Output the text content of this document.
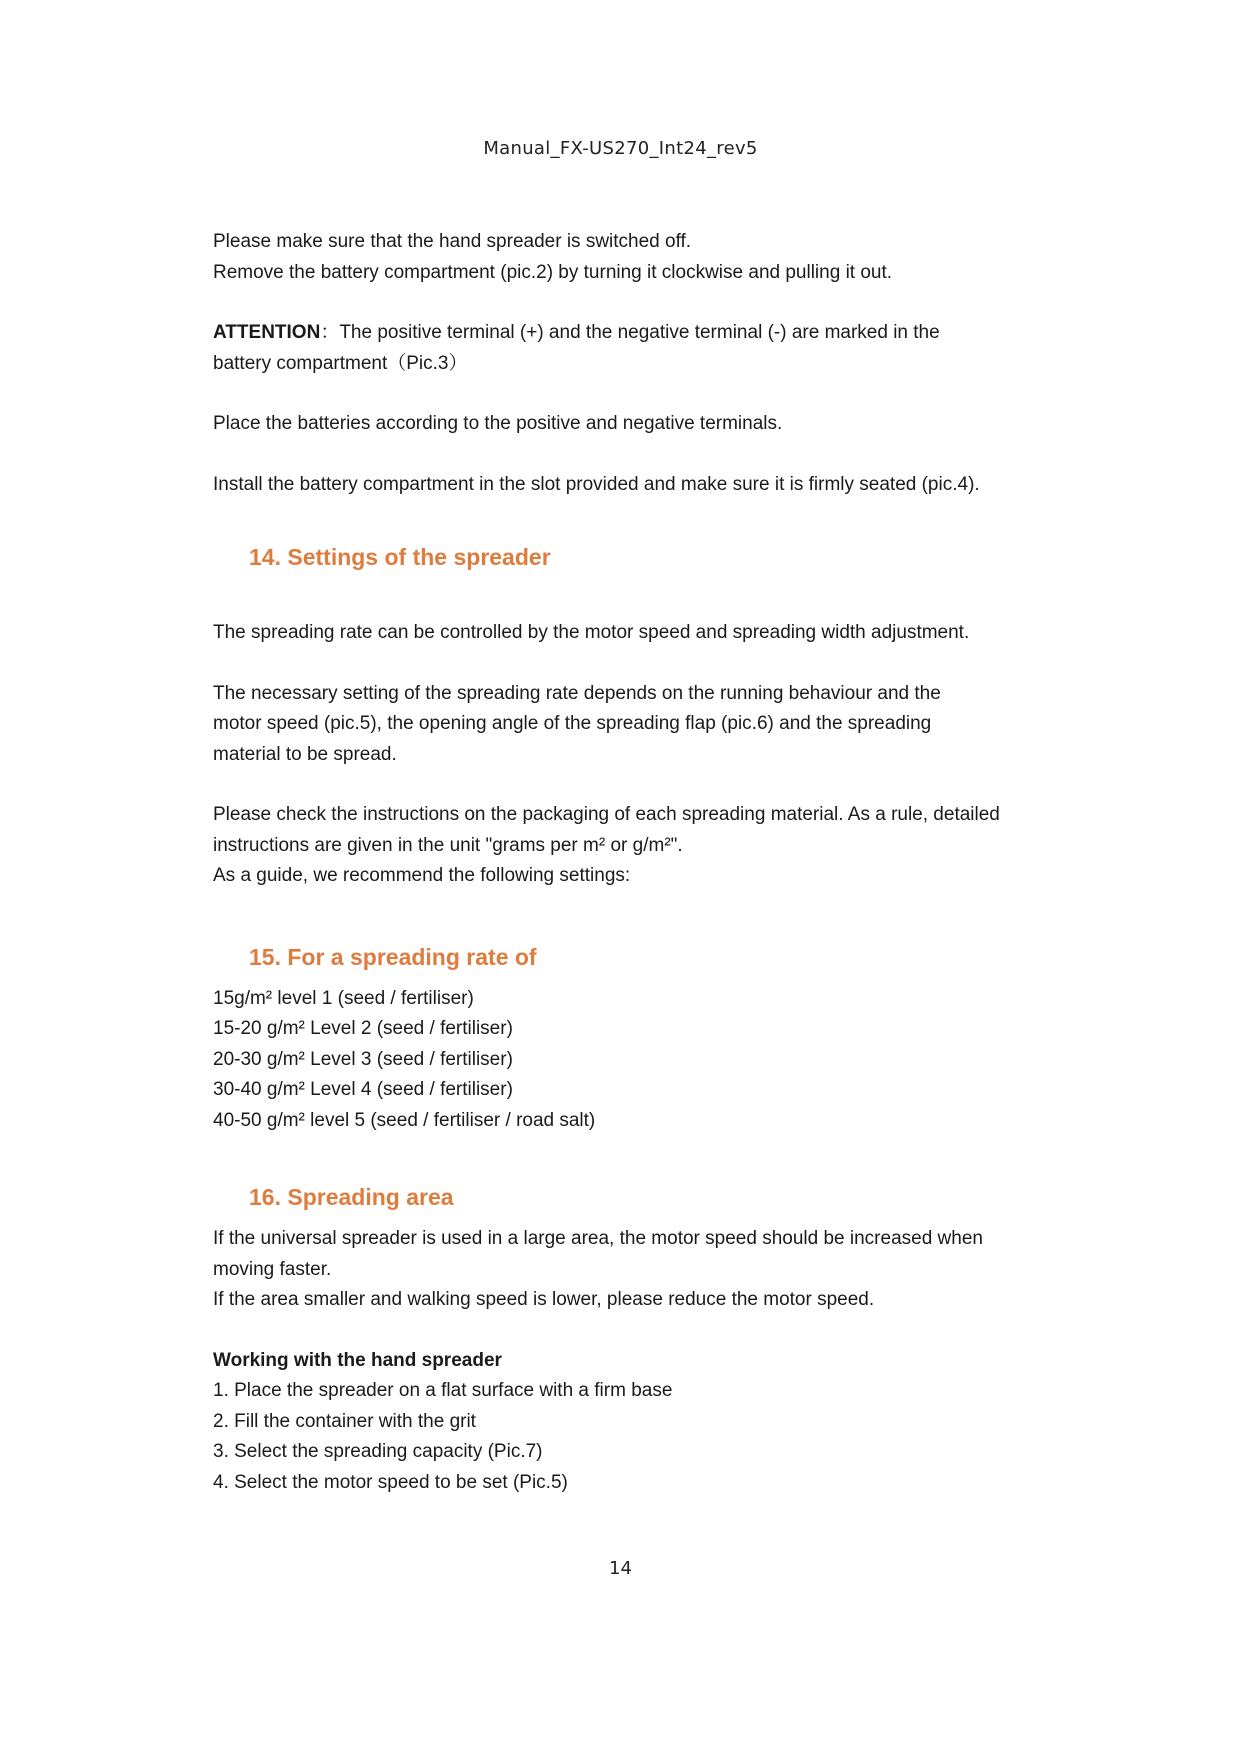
Manual_FX-US270_Int24_rev5

Please make sure that the hand spreader is switched off.

Remove the battery compartment (pic.2) by turning it clockwise and pulling it out.

ATTENTION：The positive terminal (+) and the negative terminal (-) are marked in the

battery compartment（Pic.3）

Place the batteries according to the positive and negative terminals.

Install the battery compartment in the slot provided and make sure it is firmly seated (pic.4).

14. Settings of the spreader

The spreading rate can be controlled by the motor speed and spreading width adjustment.

The necessary setting of the spreading rate depends on the running behaviour and the

motor speed (pic.5), the opening angle of the spreading flap (pic.6) and the spreading

material to be spread.

Please check the instructions on the packaging of each spreading material. As a rule, detailed

instructions are given in the unit "grams per m² or g/m²".

As a guide, we recommend the following settings:

15. For a spreading rate of

15g/m² level 1 (seed / fertiliser)

15-20 g/m² Level 2 (seed / fertiliser)

20-30 g/m² Level 3 (seed / fertiliser)

30-40 g/m² Level 4 (seed / fertiliser)

40-50 g/m² level 5 (seed / fertiliser / road salt)

16. Spreading area

If the universal spreader is used in a large area, the motor speed should be increased when

moving faster.

If the area smaller and walking speed is lower, please reduce the motor speed.

Working with the hand spreader

1. Place the spreader on a flat surface with a firm base

2. Fill the container with the grit

3. Select the spreading capacity (Pic.7)

4. Select the motor speed to be set (Pic.5)

14
